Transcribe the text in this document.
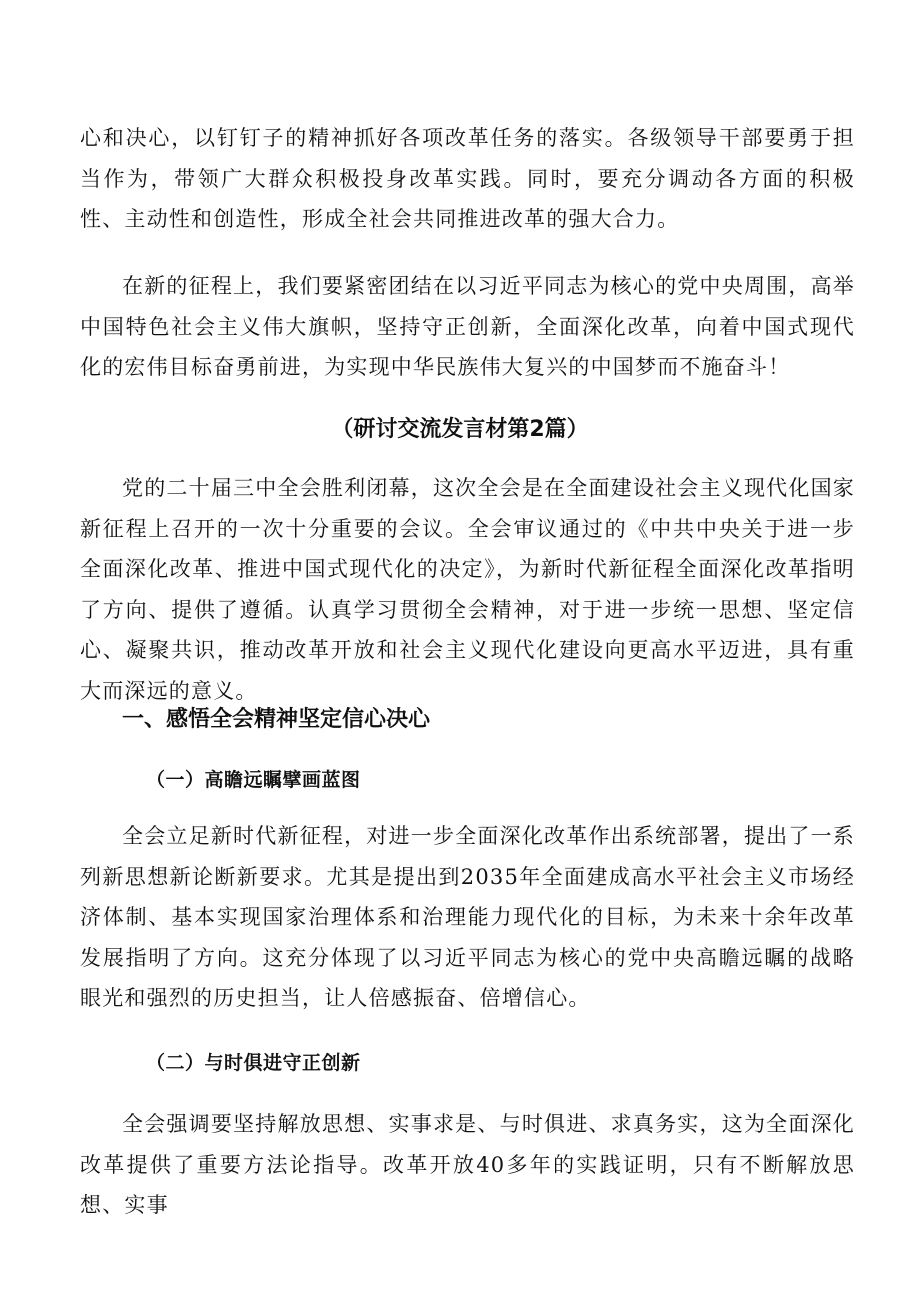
心和决心，以钉钉子的精神抓好各项改革任务的落实。各级领导干部要勇于担当作为，带领广大群众积极投身改革实践。同时，要充分调动各方面的积极性、主动性和创造性，形成全社会共同推进改革的强大合力。

在新的征程上，我们要紧密团结在以习近平同志为核心的党中央周围，高举中国特色社会主义伟大旗帜，坚持守正创新，全面深化改革，向着中国式现代化的宏伟目标奋勇前进，为实现中华民族伟大复兴的中国梦而不施奋斗！

（研讨交流发言材第2篇）

党的二十届三中全会胜利闭幕，这次全会是在全面建设社会主义现代化国家新征程上召开的一次十分重要的会议。全会审议通过的《中共中央关于进一步全面深化改革、推进中国式现代化的决定》，为新时代新征程全面深化改革指明了方向、提供了遵循。认真学习贯彻全会精神，对于进一步统一思想、坚定信心、凝聚共识，推动改革开放和社会主义现代化建设向更高水平迈进，具有重大而深远的意义。

一、感悟全会精神坚定信心决心
（一）高瞻远瞩擘画蓝图

全会立足新时代新征程，对进一步全面深化改革作出系统部署，提出了一系列新思想新论断新要求。尤其是提出到2035年全面建成高水平社会主义市场经济体制、基本实现国家治理体系和治理能力现代化的目标，为未来十余年改革发展指明了方向。这充分体现了以习近平同志为核心的党中央高瞻远瞩的战略眼光和强烈的历史担当，让人倍感振奋、倍增信心。

（二）与时俱进守正创新

全会强调要坚持解放思想、实事求是、与时俱进、求真务实，这为全面深化改革提供了重要方法论指导。改革开放40多年的实践证明，只有不断解放思想、实事
